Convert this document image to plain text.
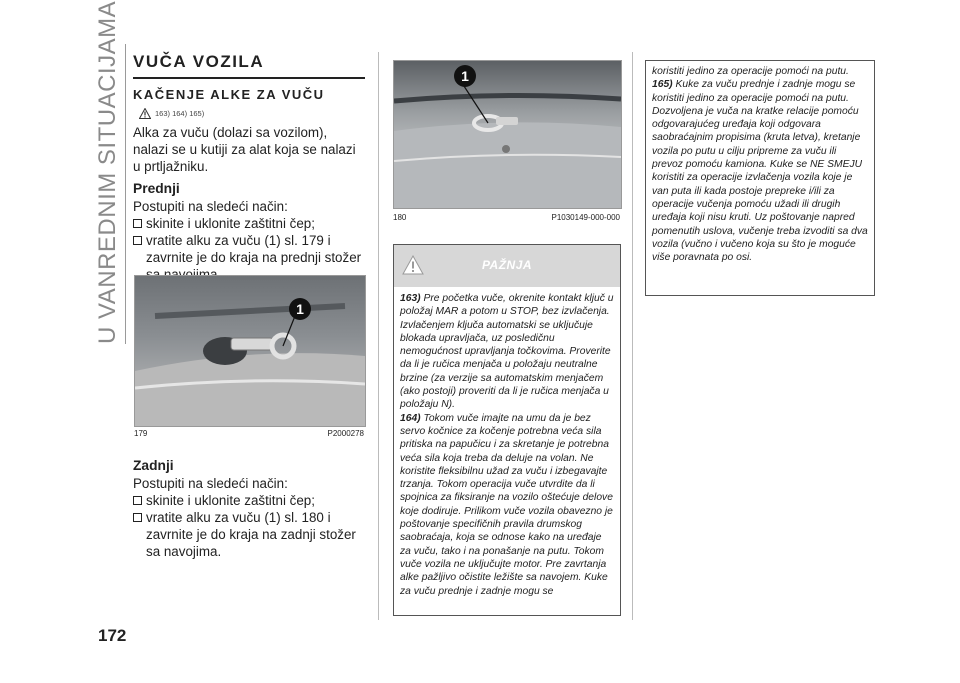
U VANREDNIM SITUACIJAMA
172
VUČA VOZILA
KAČENJE ALKE ZA VUČU
163) 164) 165)

Alka za vuču (dolazi sa vozilom), nalazi se u kutiji za alat koja se nalazi u prtljažniku.

Prednji

Postupiti na sledeći način:

skinite i uklonite zaštitni čep;

vratite alku za vuču (1) sl. 179 i zavrnite je do kraja na prednji stožer

1
179	P2000278
Zadnji

Postupiti na sledeći način:

skinite i uklonite zaštitni čep;

vratite alku za vuču (1) sl. 180 i zavrnite je do kraja na zadnji stožer sa navojima.

1
180	P1030149-000-000
PAŽNJA
163) Pre početka vuče, okrenite kontakt ključ u položaj MAR a potom u STOP, bez izvlačenja. Izvlačenjem ključa automatski se uključuje blokada upravljača, uz posledičnu nemogućnost upravljanja točkovima. Proverite da li je ručica menjača u položaju neutralne brzine (za verzije sa automatskim menjačem (ako postoji) proveriti da li je ručica menjača u položaju N).
164) Tokom vuče imajte na umu da je bez servo kočnice za kočenje potrebna veća sila pritiska na papučicu i za skretanje je potrebna veća sila koja treba da deluje na volan. Ne koristite fleksibilnu užad za vuču i izbegavajte trzanja. Tokom operacija vuče utvrdite da li spojnica za fiksiranje na vozilo oštećuje delove koje dodiruje. Prilikom vuče vozila obavezno je poštovanje specifičnih pravila drumskog saobraćaja, koja se odnose kako na uređaje za vuču, tako i na ponašanje na putu. Tokom vuče vozila ne uključujte motor. Pre zavrtanja alke pažljivo očistite ležište sa navojem. Kuke za vuču prednje i zadnje mogu se
koristiti jedino za operacije pomoći na putu.
165) Kuke za vuču prednje i zadnje mogu se koristiti jedino za operacije pomoći na putu. Dozvoljena je vuča na kratke relacije pomoću odgovarajućeg uređaja koji odgovara saobraćajnim propisima (kruta letva), kretanje vozila po putu u cilju pripreme za vuču ili prevoz pomoću kamiona. Kuke se NE SMEJU koristiti za operacije izvlačenja vozila koje je van puta ili kada postoje prepreke i/ili za operacije vučenja pomoću užadi ili drugih uređaja koji nisu kruti. Uz poštovanje napred pomenutih uslova, vučenje treba izvoditi sa dva vozila (vučno i vučeno koja su što je moguće više poravnata po osi.
